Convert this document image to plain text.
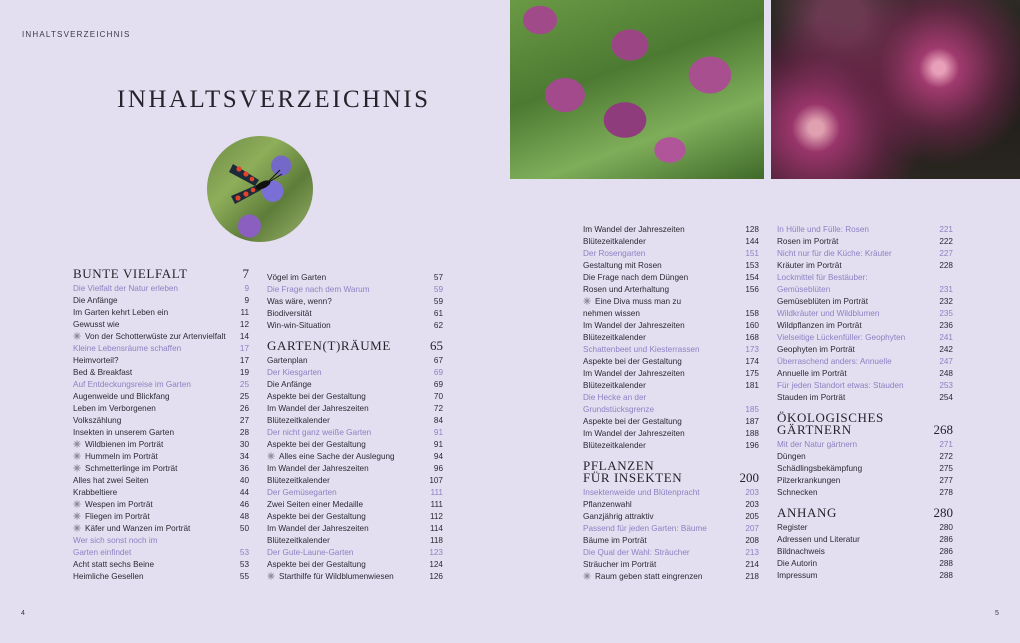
INHALTSVERZEICHNIS
INHALTSVERZEICHNIS
BUNTE VIELFALT	7
Die Vielfalt der Natur erleben	9
Die Anfänge	9
Im Garten kehrt Leben ein	11
Gewusst wie	12
Von der Schotterwüste zur Artenvielfalt	14
Kleine Lebensräume schaffen	17
Heimvorteil?	17
Bed & Breakfast	19
Auf Entdeckungsreise im Garten	25
Augenweide und Blickfang	25
Leben im Verborgenen	26
Volkszählung	27
Insekten in unserem Garten	28
Wildbienen im Porträt	30
Hummeln im Porträt	34
Schmetterlinge im Porträt	36
Alles hat zwei Seiten	40
Krabbeltiere	44
Wespen im Porträt	46
Fliegen im Porträt	48
Käfer und Wanzen im Porträt	50
Wer sich sonst noch im
Garten einfindet	53
Acht statt sechs Beine	53
Heimliche Gesellen	55
Vögel im Garten	57
Die Frage nach dem Warum	59
Was wäre, wenn?	59
Biodiversität	61
Win-win-Situation	62
GARTEN(T)RÄUME	65
Gartenplan	67
Der Kiesgarten	69
Die Anfänge	69
Aspekte bei der Gestaltung	70
Im Wandel der Jahreszeiten	72
Blütezeitkalender	84
Der nicht ganz weiße Garten	91
Aspekte bei der Gestaltung	91
Alles eine Sache der Auslegung	94
Im Wandel der Jahreszeiten	96
Blütezeitkalender	107
Der Gemüsegarten	111
Zwei Seiten einer Medaille	111
Aspekte bei der Gestaltung	112
Im Wandel der Jahreszeiten	114
Blütezeitkalender	118
Der Gute-Laune-Garten	123
Aspekte bei der Gestaltung	124
Starthilfe für Wildblumenwiesen	126
Im Wandel der Jahreszeiten	128
Blütezeitkalender	144
Der Rosengarten	151
Gestaltung mit Rosen	153
Die Frage nach dem Düngen	154
Rosen und Arterhaltung	156
Eine Diva muss man zu
nehmen wissen	158
Im Wandel der Jahreszeiten	160
Blütezeitkalender	168
Schattenbeet und Kiesterrassen	173
Aspekte bei der Gestaltung	174
Im Wandel der Jahreszeiten	175
Blütezeitkalender	181
Die Hecke an der
Grundstücksgrenze	185
Aspekte bei der Gestaltung	187
Im Wandel der Jahreszeiten	188
Blütezeitkalender	196
PFLANZEN
FÜR INSEKTEN	200
Insektenweide und Blütenpracht	203
Pflanzenwahl	203
Ganzjährig attraktiv	205
Passend für jeden Garten: Bäume	207
Bäume im Porträt	208
Die Qual der Wahl: Sträucher	213
Sträucher im Porträt	214
Raum geben statt eingrenzen	218
In Hülle und Fülle: Rosen	221
Rosen im Porträt	222
Nicht nur für die Küche: Kräuter	227
Kräuter im Porträt	228
Lockmittel für Bestäuber:
Gemüseblüten	231
Gemüseblüten im Porträt	232
Wildkräuter und Wildblumen	235
Wildpflanzen im Porträt	236
Vielseitige Lückenfüller: Geophyten	241
Geophyten im Porträt	242
Überraschend anders: Annuelle	247
Annuelle im Porträt	248
Für jeden Standort etwas: Stauden	253
Stauden im Porträt	254
ÖKOLOGISCHES
GÄRTNERN	268
Mit der Natur gärtnern	271
Düngen	272
Schädlingsbekämpfung	275
Pilzerkrankungen	277
Schnecken	278
ANHANG	280
Register	280
Adressen und Literatur	286
Bildnachweis	286
Die Autorin	288
Impressum	288
4	5
